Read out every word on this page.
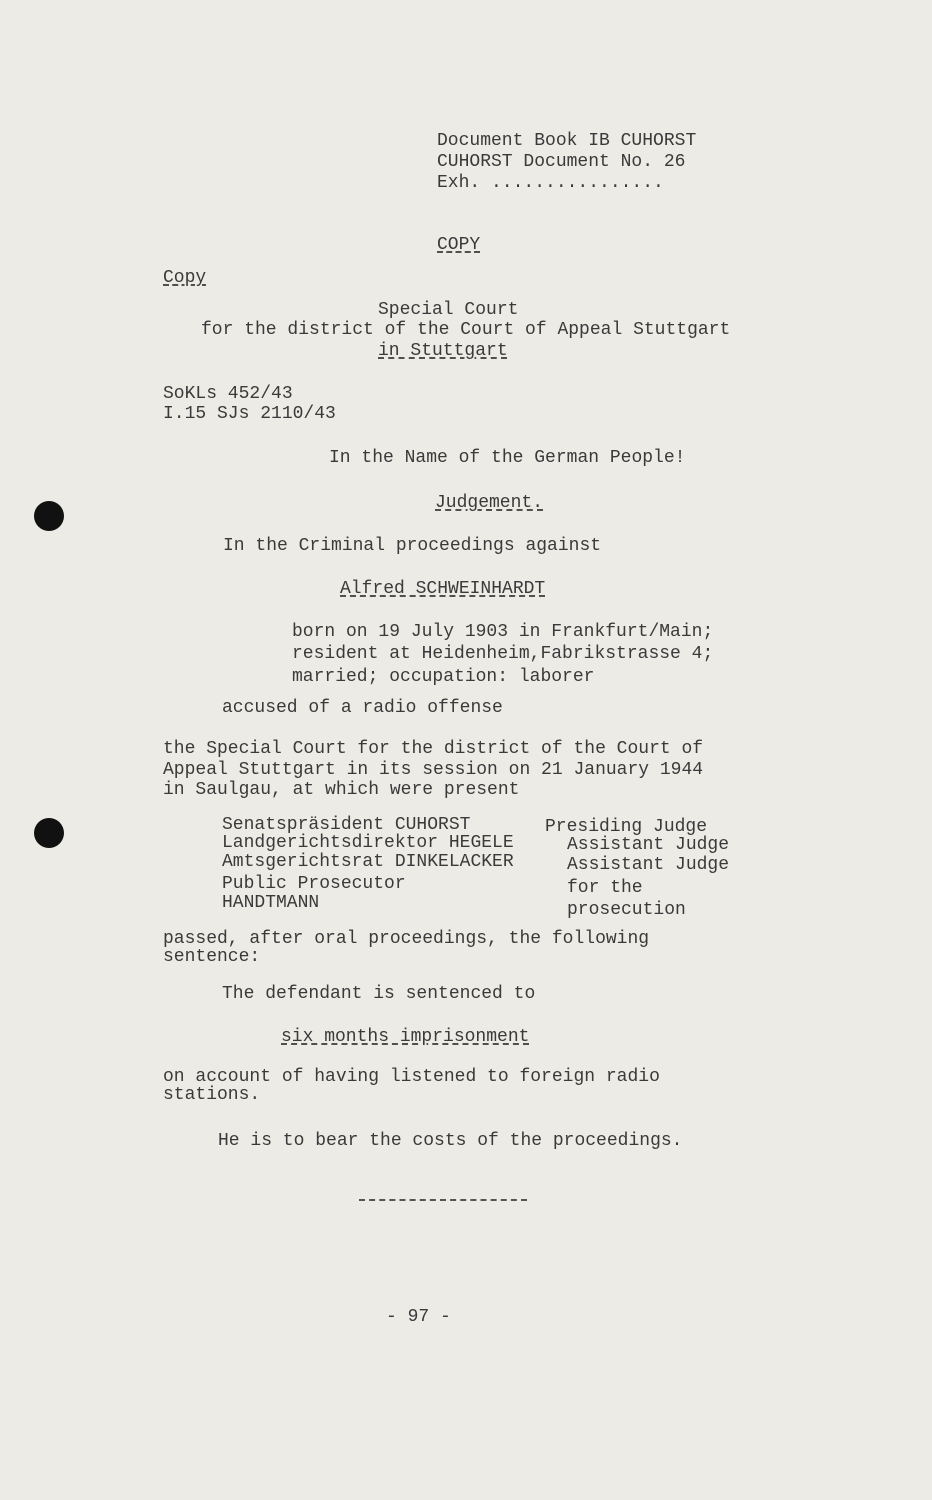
Document Book IB CUHORST
CUHORST Document No. 26
Exh. ................
COPY
Copy
Special Court
for the district of the Court of Appeal Stuttgart
in Stuttgart
SoKLs 452/43
I.15 SJs 2110/43
In the Name of the German People!
Judgement.
In the Criminal proceedings against
Alfred SCHWEINHARDT
born on 19 July 1903 in Frankfurt/Main;
resident at Heidenheim,Fabrikstrasse 4;
married; occupation: laborer
accused of a radio offense
the Special Court for the district of the Court of
Appeal Stuttgart in its session on 21 January 1944
in Saulgau, at which were present
Senatspräsident CUHORST	Presiding Judge
Landgerichtsdirektor HEGELE	Assistant Judge
Amtsgerichtsrat DINKELACKER	Assistant Judge
Public Prosecutor	for the
HANDTMANN	prosecution
passed, after oral proceedings, the following
sentence:
The defendant is sentenced to
six months imprisonment
on account of having listened to foreign radio
stations.
He is to bear the costs of the proceedings.
- 97 -
